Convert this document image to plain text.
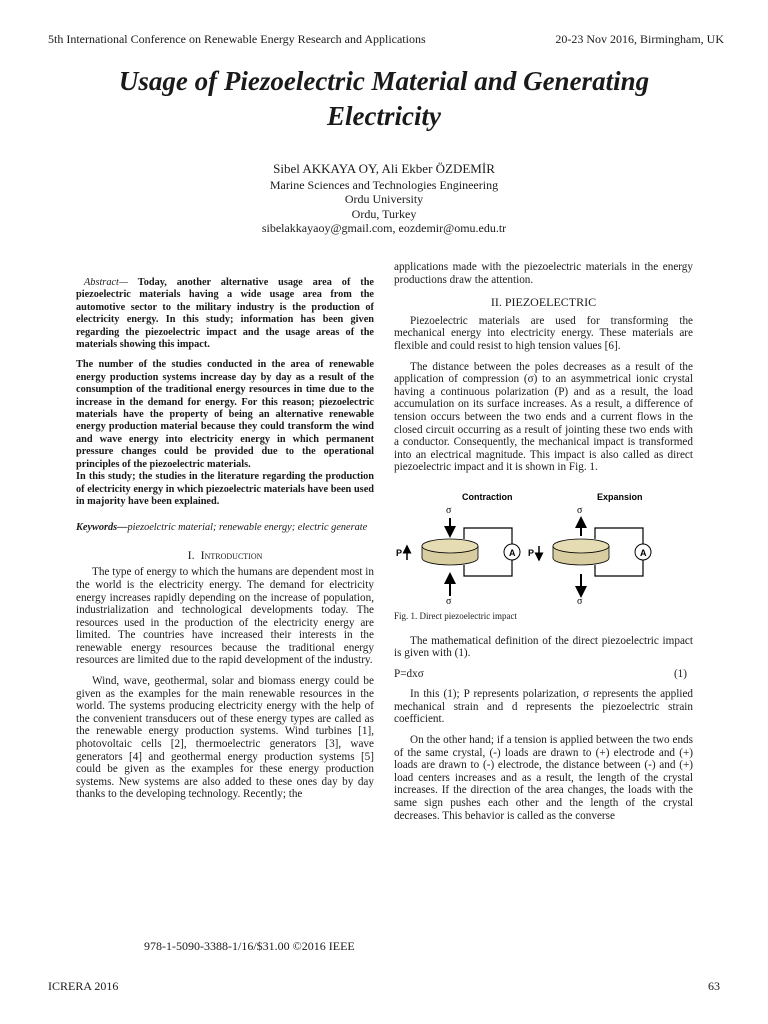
5th International Conference on Renewable Energy Research and Applications	20-23 Nov 2016, Birmingham, UK
Usage of Piezoelectric Material and Generating
Electricity
Sibel AKKAYA OY, Ali Ekber ÖZDEMİR
Marine Sciences and Technologies Engineering
Ordu University
Ordu, Turkey
sibelakkayaoy@gmail.com, eozdemir@omu.edu.tr

Abstract— Today, another alternative usage area of the piezoelectric materials having a wide usage area from the automotive sector to the military industry is the production of electricity energy. In this study; information has been given regarding the piezoelectric impact and the usage areas of the materials showing this impact.

The number of the studies conducted in the area of renewable energy production systems increase day by day as a result of the consumption of the traditional energy resources in time due to the increase in the demand for energy. For this reason; piezoelectric materials have the property of being an alternative renewable energy production material because they could transform the wind and wave energy into electricity energy in which permanent pressure changes could be provided due to the operational principles of the piezoelectric materials.

In this study; the studies in the literature regarding the production of electricity energy in which piezoelectric materials have been used in majority have been explained.

Keywords—piezoelctric material; renewable energy; electric generate

I. Introduction

The type of energy to which the humans are dependent most in the world is the electricity energy. The demand for electricity energy increases rapidly depending on the increase of population, industrialization and technological developments today. The resources used in the production of the electricity energy are limited. The countries have increased their interests in the renewable energy resources because the traditional energy resources are limited due to the rapid development of the industry.

Wind, wave, geothermal, solar and biomass energy could be given as the examples for the main renewable resources in the world. The systems producing electricity energy with the help of the convenient transducers out of these energy types are called as the renewable energy production systems. Wind turbines [1], photovoltaic cells [2], thermoelectric generators [3], wave generators [4] and geothermal energy production systems [5] could be given as the examples for these energy production systems. New systems are also added to these ones day by day thanks to the developing technology. Recently; the

applications made with the piezoelectric materials in the energy productions draw the attention.

II. PIEZOELECTRIC

Piezoelectric materials are used for transforming the mechanical energy into electricity energy. These materials are flexible and could resist to high tension values [6].

The distance between the poles decreases as a result of the application of compression (σ) to an asymmetrical ionic crystal having a continuous polarization (P) and as a result, the load accumulation on its surface increases. As a result, a difference of tension occurs between the two ends and a current flows in the closed circuit occurring as a result of jointing these two ends with a conductor. Consequently, the mechanical impact is transformed into an electrical magnitude. This impact is also called as direct piezoelectric impact and it is shown in Fig. 1.

Contraction
σ
σ
P	A
Expansion
σ
σ
P	A
Fig. 1. Direct piezoelectric impact

The mathematical definition of the direct piezoelectric impact is given with (1).

P=dxσ	(1)

In this (1); P represents polarization, σ represents the applied mechanical strain and d represents the piezoelectric strain coefficient.

On the other hand; if a tension is applied between the two ends of the same crystal, (-) loads are drawn to (+) electrode and (+) loads are drawn to (-) electrode, the distance between (-) and (+) load centers increases and as a result, the length of the crystal increases. If the direction of the area changes, the loads with the same sign pushes each other and the length of the crystal decreases. This behavior is called as the converse

978-1-5090-3388-1/16/$31.00 ©2016 IEEE
ICRERA 2016	63
